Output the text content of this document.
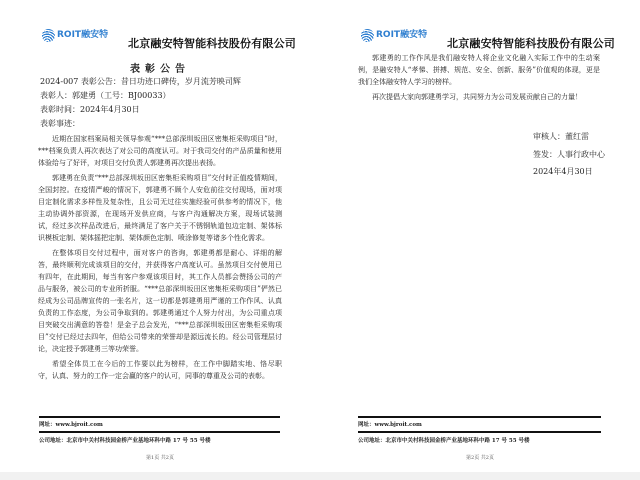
ROIT融安特
北京融安特智能科技股份有限公司
表彰公告
2024-007 表彰公告：昔日功迹口碑传，岁月流芳映司辉
表彰人：郭建勇（工号：BJ00033）
表彰时间：2024年4月30日
表彰事迹：

近期在国家档案局相关领导参观“***总部深圳坂田区密集柜采购项目”时，***档案负责人再次表达了对公司的高度认可。对于我司交付的产品质量和使用体验给与了好评，对项目交付负责人郭建勇再次提出表扬。

郭建勇在负责“***总部深圳坂田区密集柜采购项目”交付时正值疫情期间，全国封控。在疫情严峻的情况下，郭建勇不顾个人安危前往交付现场，面对项目定制化需求多样性及复杂性，且公司无过往实施经验可供参考的情况下，他主动协调外部资源，在现场开发供应商，与客户沟通解决方案，现场试装测试，经过多次样品改进后，最终满足了客户关于不锈钢轨道包边定制、架体标识模板定制、架体摇把定制、架体颜色定制、喷涂修复等诸多个性化需求。

在整体项目交付过程中，面对客户的咨询，郭建勇都是耐心、详细的解答，最终顺利完成该项目的交付，并获得客户高度认可。虽然项目交付使用已有四年，在此期间，每当有客户参观该项目时，其工作人员都会赞扬公司的产品与服务，被公司的专业所折服。“***总部深圳坂田区密集柜采购项目”俨然已经成为公司品牌宣传的一张名片，这一切都是郭建勇用严谨的工作作风、认真负责的工作态度，为公司争取到的。郭建勇通过个人努力付出，为公司重点项目突破交出满意的答卷！是金子总会发光，“***总部深圳坂田区密集柜采购项目”交付已经过去四年，但给公司带来的荣誉却是源远流长的。经公司管理层讨论，决定授予郭建勇三等功荣誉。

希望全体员工在今后的工作要以此为榜样，在工作中脚踏实地、恪尽职守，认真、努力的工作一定会赢的客户的认可，同事的尊重及公司的表彰。

网址：www.bjroit.com
公司地址：北京市中关村科技园金桥产业基地环科中路 17 号 55 号楼
第1页 共2页
ROIT融安特
北京融安特智能科技股份有限公司

郭建勇的工作作风是我们融安特人将企业文化融入实际工作中的生动案例，是融安特人“孝悌、拼搏、规范、安全、创新、服务”价值观的体现，更是我们全体融安特人学习的榜样。

再次提倡大家向郭建勇学习，共同努力为公司发展贡献自己的力量！

网址：www.bjroit.com
公司地址：北京市中关村科技园金桥产业基地环科中路 17 号 55 号楼
第2页 共2页
审核人：董红雷
签发：人事行政中心
2024年4月30日
